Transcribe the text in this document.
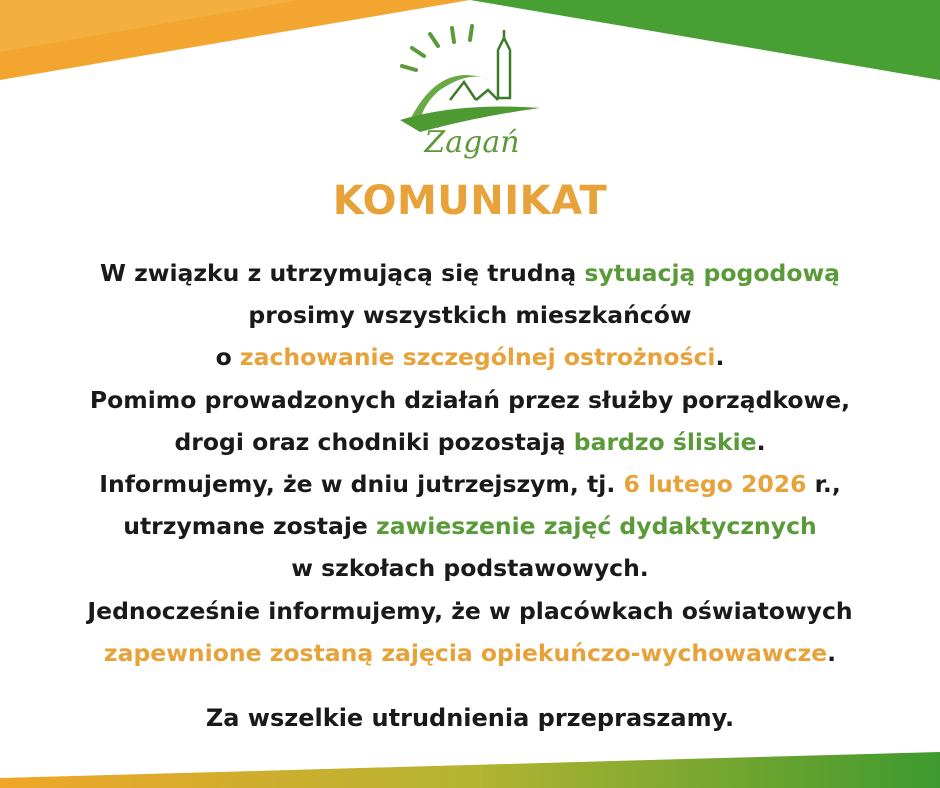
Żagań
KOMUNIKAT
W związku z utrzymującą się trudną sytuacją pogodową
prosimy wszystkich mieszkańców
o zachowanie szczególnej ostrożności.
Pomimo prowadzonych działań przez służby porządkowe,
drogi oraz chodniki pozostają bardzo śliskie.
Informujemy, że w dniu jutrzejszym, tj. 6 lutego 2026 r.,
utrzymane zostaje zawieszenie zajęć dydaktycznych
w szkołach podstawowych.
Jednocześnie informujemy, że w placówkach oświatowych
zapewnione zostaną zajęcia opiekuńczo-wychowawcze.
Za wszelkie utrudnienia przepraszamy.
